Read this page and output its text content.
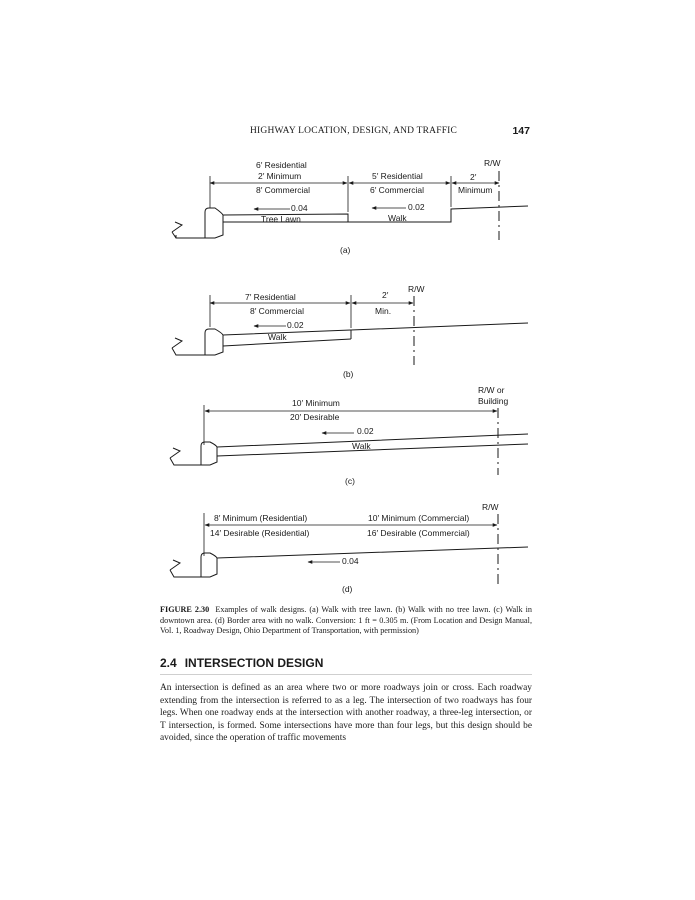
HIGHWAY LOCATION, DESIGN, AND TRAFFIC	147
6′ Residential
2′ Minimum
8′ Commercial
5′ Residential
6′ Commercial
2′
Minimum
R/W
0.04	0.02
Tree Lawn	Walk
(a)
7′ Residential
8′ Commercial
2′
Min.
R/W
0.02
Walk
(b)
10′ Minimum
20′ Desirable
R/W or
Building
0.02
Walk
(c)
8′ Minimum (Residential)
14′ Desirable (Residential)
10′ Minimum (Commercial)
16′ Desirable (Commercial)
R/W
0.04
(d)
FIGURE 2.30 Examples of walk designs. (a) Walk with tree lawn. (b) Walk with no tree lawn. (c) Walk in downtown area. (d) Border area with no walk. Conversion: 1 ft = 0.305 m. (From Location and Design Manual, Vol. 1, Roadway Design, Ohio Department of Transportation, with permission)
2.4 INTERSECTION DESIGN
An intersection is defined as an area where two or more roadways join or cross. Each roadway extending from the intersection is referred to as a leg. The intersection of two roadways has four legs. When one roadway ends at the intersection with another roadway, a three-leg intersection, or T intersection, is formed. Some intersections have more than four legs, but this design should be avoided, since the operation of traffic movements
